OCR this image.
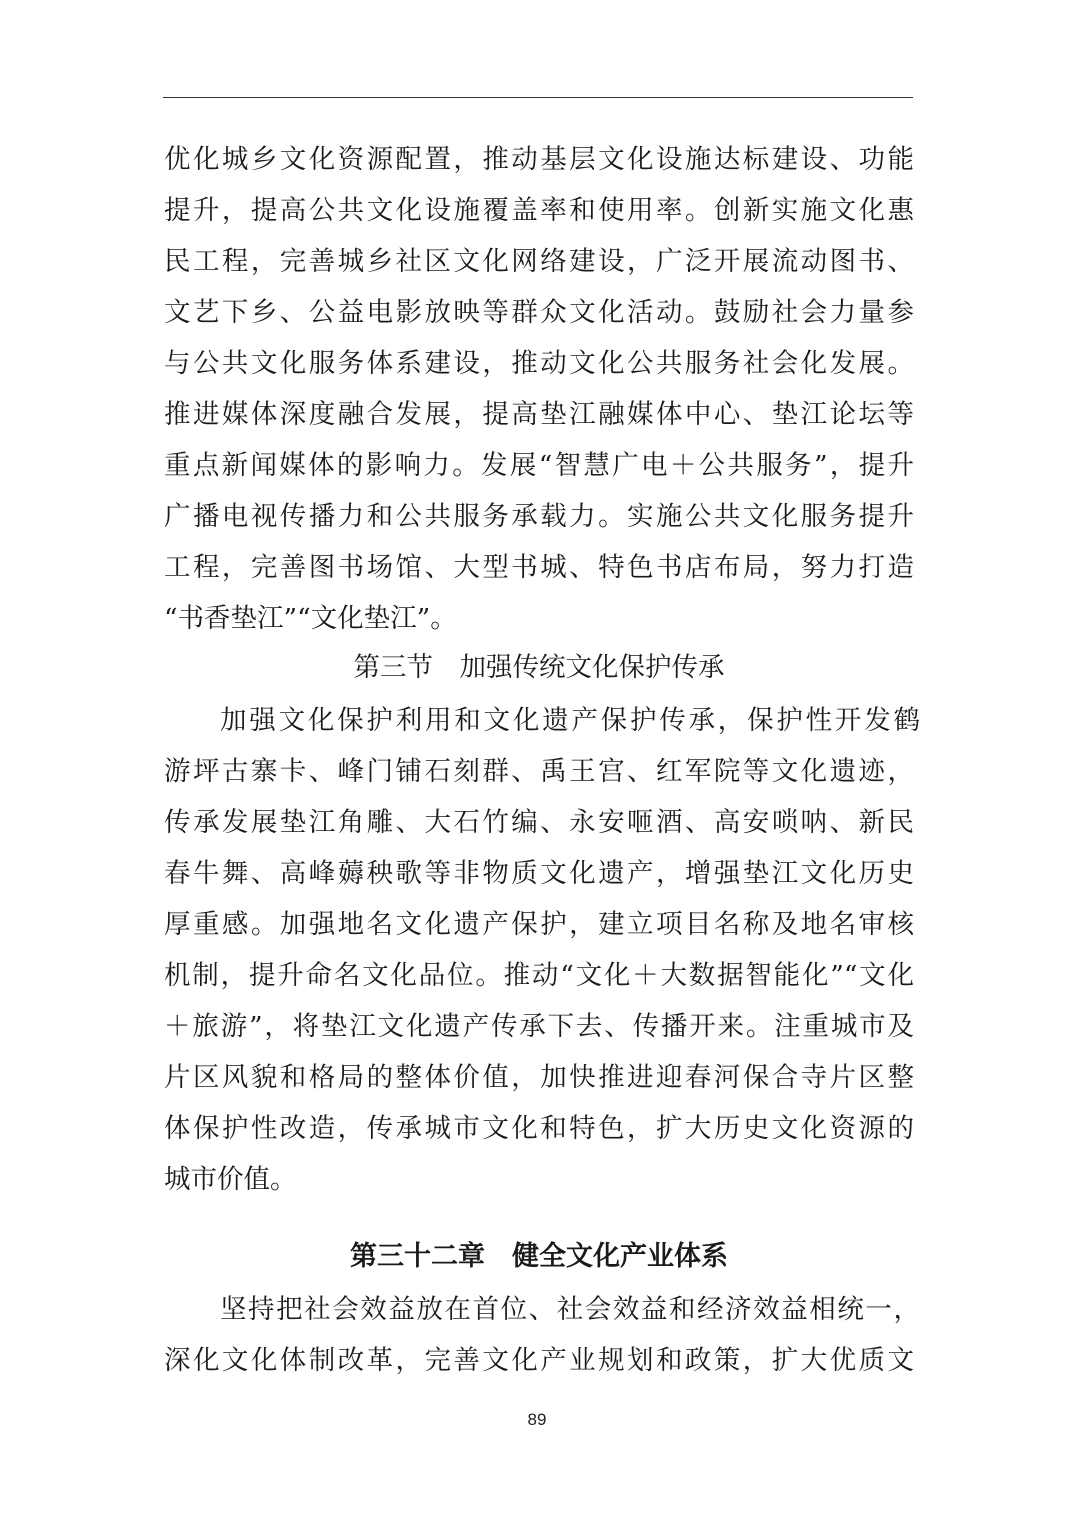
优化城乡文化资源配置，推动基层文化设施达标建设、功能
提升，提高公共文化设施覆盖率和使用率。创新实施文化惠
民工程，完善城乡社区文化网络建设，广泛开展流动图书、
文艺下乡、公益电影放映等群众文化活动。鼓励社会力量参
与公共文化服务体系建设，推动文化公共服务社会化发展。
推进媒体深度融合发展，提高垫江融媒体中心、垫江论坛等
重点新闻媒体的影响力。发展“智慧广电＋公共服务”，提升
广播电视传播力和公共服务承载力。实施公共文化服务提升
工程，完善图书场馆、大型书城、特色书店布局，努力打造
“书香垫江”“文化垫江”。
第三节　加强传统文化保护传承
加强文化保护利用和文化遗产保护传承，保护性开发鹤
游坪古寨卡、峰门铺石刻群、禹王宫、红军院等文化遗迹，
传承发展垫江角雕、大石竹编、永安咂酒、高安唢呐、新民
春牛舞、高峰薅秧歌等非物质文化遗产，增强垫江文化历史
厚重感。加强地名文化遗产保护，建立项目名称及地名审核
机制，提升命名文化品位。推动“文化＋大数据智能化”“文化
＋旅游”，将垫江文化遗产传承下去、传播开来。注重城市及
片区风貌和格局的整体价值，加快推进迎春河保合寺片区整
体保护性改造，传承城市文化和特色，扩大历史文化资源的
城市价值。
第三十二章　健全文化产业体系
坚持把社会效益放在首位、社会效益和经济效益相统一，
深化文化体制改革，完善文化产业规划和政策，扩大优质文
89
